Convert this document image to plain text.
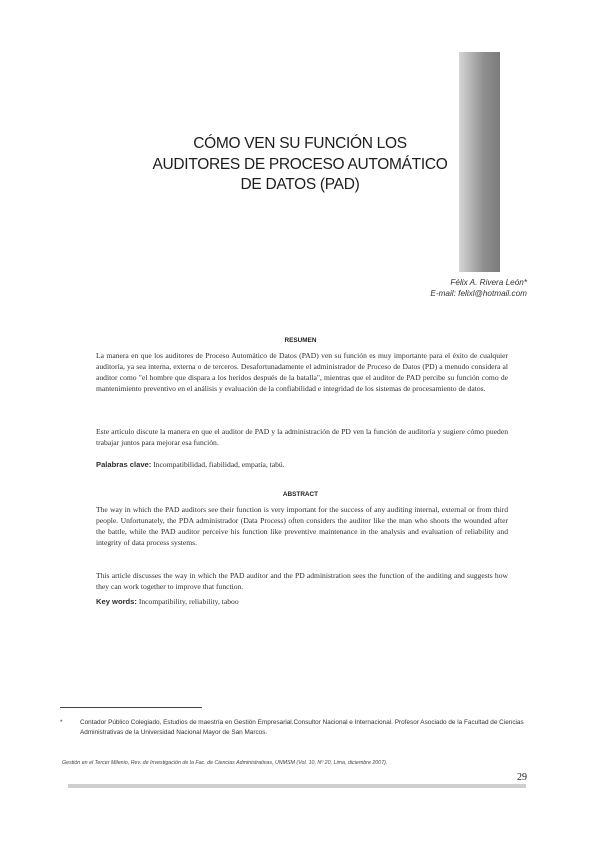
CÓMO VEN SU FUNCIÓN LOS
AUDITORES DE PROCESO AUTOMÁTICO
DE DATOS (PAD)
Félix A. Rivera León*
E-mail: felixl@hotmail.com
RESUMEN

La manera en que los auditores de Proceso Automático de Datos (PAD) ven su función es muy importante para el éxito de cualquier auditoría, ya sea interna, externa o de terceros. Desafortunadamente el administrador de Proceso de Datos (PD) a menudo considera al auditor como "el hombre que dispara a los heridos después de la batalla", mientras que el auditor de PAD percibe su función como de mantenimiento preventivo en el análisis y evaluación de la confiabilidad e integridad de los sistemas de procesamiento de datos.

Este artículo discute la manera en que el auditor de PAD y la administración de PD ven la función de auditoría y sugiere cómo pueden trabajar juntos para mejorar esa función.

Palabras clave: Incompatibilidad, fiabilidad, empatía, tabú.

ABSTRACT

The way in which the PAD auditors see their function is very important for the success of any auditing internal, external or from third people. Unfortunately, the PDA administrador (Data Process) often considers the auditor like the man who shoots the wounded after the battle, while the PAD auditor perceive his function like preventive maintenance in the analysis and evaluation of reliability and integrity of data process systems.

This article discusses the way in which the PAD auditor and the PD administration sees the function of the auditing and suggests how they can work together to improve that function.

Key words: Incompatibility, reliability, taboo

*	Contador Público Colegiado, Estudios de maestría en Gestión Empresarial.Consultor Nacional e Internacional. Profesor Asociado de la Facultad de Ciencias Administrativas de la Universidad Nacional Mayor de San Marcos.

Gestión en el Tercer Milenio, Rev. de Investigación de la Fac. de Ciencias Administrativas, UNMSM (Vol. 10, Nº 20, Lima, diciembre 2007).
29
